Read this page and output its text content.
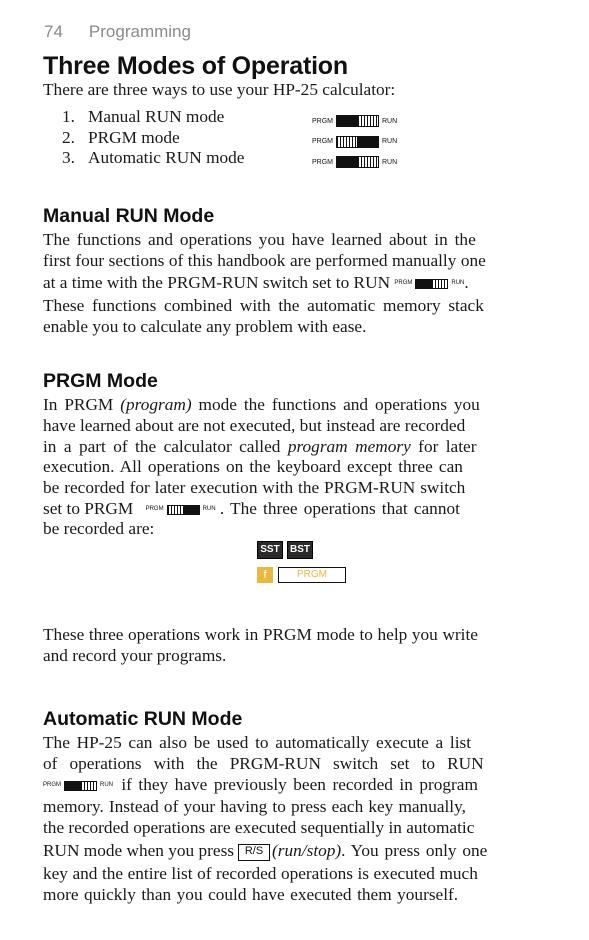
74 Programming
Three Modes of Operation
There are three ways to use your HP-25 calculator:
1. Manual RUN mode
2. PRGM mode
3. Automatic RUN mode
PRGM	RUN
PRGM	RUN
PRGM	RUN
Manual RUN Mode
The functions and operations you have learned about in the
first four sections of this handbook are performed manually one
at a time with the PRGM-RUN switch set to RUN PRGM	RUN .
These functions combined with the automatic memory stack
enable you to calculate any problem with ease.
PRGM Mode
In PRGM (program) mode the functions and operations you
have learned about are not executed, but instead are recorded
in a part of the calculator called program memory for later
execution. All operations on the keyboard except three can
be recorded for later execution with the PRGM-RUN switch
set to PRGM PRGM	RUN . The three operations that cannot
be recorded are:
SST BST
f	PRGM
These three operations work in PRGM mode to help you write
and record your programs.
Automatic RUN Mode
The HP-25 can also be used to automatically execute a list
of operations with the PRGM-RUN switch set to RUN
PRGM	RUN if they have previously been recorded in program
memory. Instead of your having to press each key manually,
the recorded operations are executed sequentially in automatic
RUN mode when you press R/S (run/stop). You press only one
key and the entire list of recorded operations is executed much
more quickly than you could have executed them yourself.
